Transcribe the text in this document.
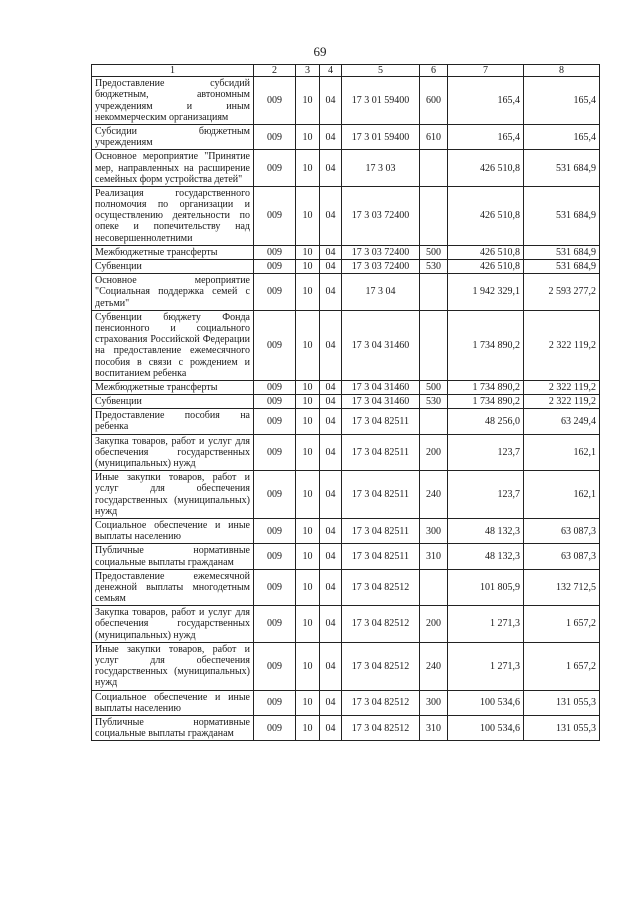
69
1	2	3	4	5	6	7	8
Предоставление субсидий бюджетным, автономным учреждениям и иным некоммерческим организациям	009	10	04	17 3 01 59400	600	165,4	165,4
Субсидии бюджетным учреждениям	009	10	04	17 3 01 59400	610	165,4	165,4
Основное мероприятие "Принятие мер, направленных на расширение семейных форм устройства детей"	009	10	04	17 3 03		426 510,8	531 684,9
Реализация государственного полномочия по организации и осуществлению деятельности по опеке и попечительству над несовершеннолетними	009	10	04	17 3 03 72400		426 510,8	531 684,9
Межбюджетные трансферты	009	10	04	17 3 03 72400	500	426 510,8	531 684,9
Субвенции	009	10	04	17 3 03 72400	530	426 510,8	531 684,9
Основное мероприятие "Социальная поддержка семей с детьми"	009	10	04	17 3 04		1 942 329,1	2 593 277,2
Субвенции бюджету Фонда пенсионного и социального страхования Российской Федерации на предоставление ежемесячного пособия в связи с рождением и воспитанием ребенка	009	10	04	17 3 04 31460		1 734 890,2	2 322 119,2
Межбюджетные трансферты	009	10	04	17 3 04 31460	500	1 734 890,2	2 322 119,2
Субвенции	009	10	04	17 3 04 31460	530	1 734 890,2	2 322 119,2
Предоставление пособия на ребенка	009	10	04	17 3 04 82511		48 256,0	63 249,4
Закупка товаров, работ и услуг для обеспечения государственных (муниципальных) нужд	009	10	04	17 3 04 82511	200	123,7	162,1
Иные закупки товаров, работ и услуг для обеспечения государственных (муниципальных) нужд	009	10	04	17 3 04 82511	240	123,7	162,1
Социальное обеспечение и иные выплаты населению	009	10	04	17 3 04 82511	300	48 132,3	63 087,3
Публичные нормативные социальные выплаты гражданам	009	10	04	17 3 04 82511	310	48 132,3	63 087,3
Предоставление ежемесячной денежной выплаты многодетным семьям	009	10	04	17 3 04 82512		101 805,9	132 712,5
Закупка товаров, работ и услуг для обеспечения государственных (муниципальных) нужд	009	10	04	17 3 04 82512	200	1 271,3	1 657,2
Иные закупки товаров, работ и услуг для обеспечения государственных (муниципальных) нужд	009	10	04	17 3 04 82512	240	1 271,3	1 657,2
Социальное обеспечение и иные выплаты населению	009	10	04	17 3 04 82512	300	100 534,6	131 055,3
Публичные нормативные социальные выплаты гражданам	009	10	04	17 3 04 82512	310	100 534,6	131 055,3
